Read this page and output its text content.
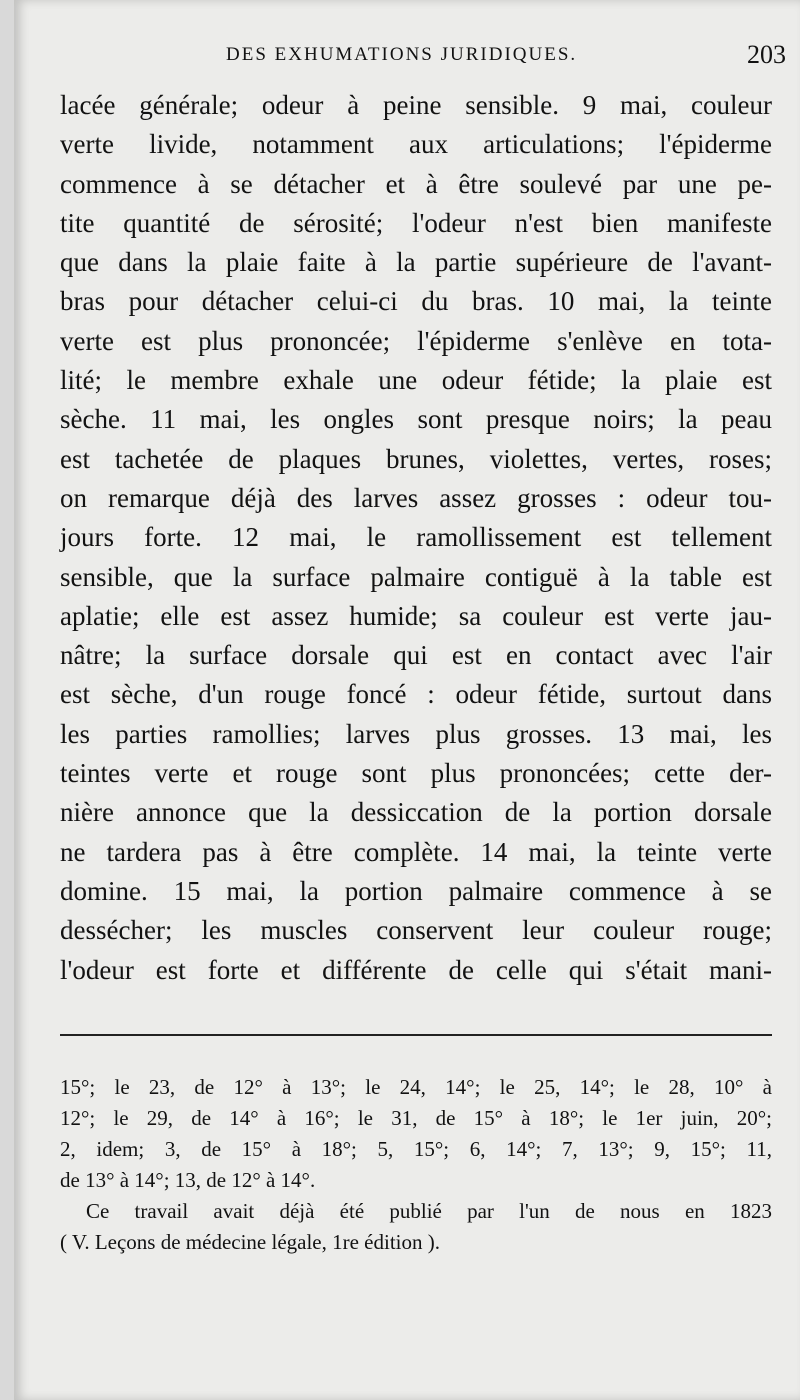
DES EXHUMATIONS JURIDIQUES.	203
lacée générale; odeur à peine sensible. 9 mai, couleur
verte livide, notamment aux articulations; l'épiderme
commence à se détacher et à être soulevé par une pe-
tite quantité de sérosité; l'odeur n'est bien manifeste
que dans la plaie faite à la partie supérieure de l'avant-
bras pour détacher celui-ci du bras. 10 mai, la teinte
verte est plus prononcée; l'épiderme s'enlève en tota-
lité; le membre exhale une odeur fétide; la plaie est
sèche. 11 mai, les ongles sont presque noirs; la peau
est tachetée de plaques brunes, violettes, vertes, roses;
on remarque déjà des larves assez grosses : odeur tou-
jours forte. 12 mai, le ramollissement est tellement
sensible, que la surface palmaire contiguë à la table est
aplatie; elle est assez humide; sa couleur est verte jau-
nâtre; la surface dorsale qui est en contact avec l'air
est sèche, d'un rouge foncé : odeur fétide, surtout dans
les parties ramollies; larves plus grosses. 13 mai, les
teintes verte et rouge sont plus prononcées; cette der-
nière annonce que la dessiccation de la portion dorsale
ne tardera pas à être complète. 14 mai, la teinte verte
domine. 15 mai, la portion palmaire commence à se
dessécher; les muscles conservent leur couleur rouge;
l'odeur est forte et différente de celle qui s'était mani-
15°; le 23, de 12° à 13°; le 24, 14°; le 25, 14°; le 28, 10° à
12°; le 29, de 14° à 16°; le 31, de 15° à 18°; le 1er juin, 20°;
2, idem; 3, de 15° à 18°; 5, 15°; 6, 14°; 7, 13°; 9, 15°; 11,
de 13° à 14°; 13, de 12° à 14°.
Ce travail avait déjà été publié par l'un de nous en 1823
( V. Leçons de médecine légale, 1re édition ).
